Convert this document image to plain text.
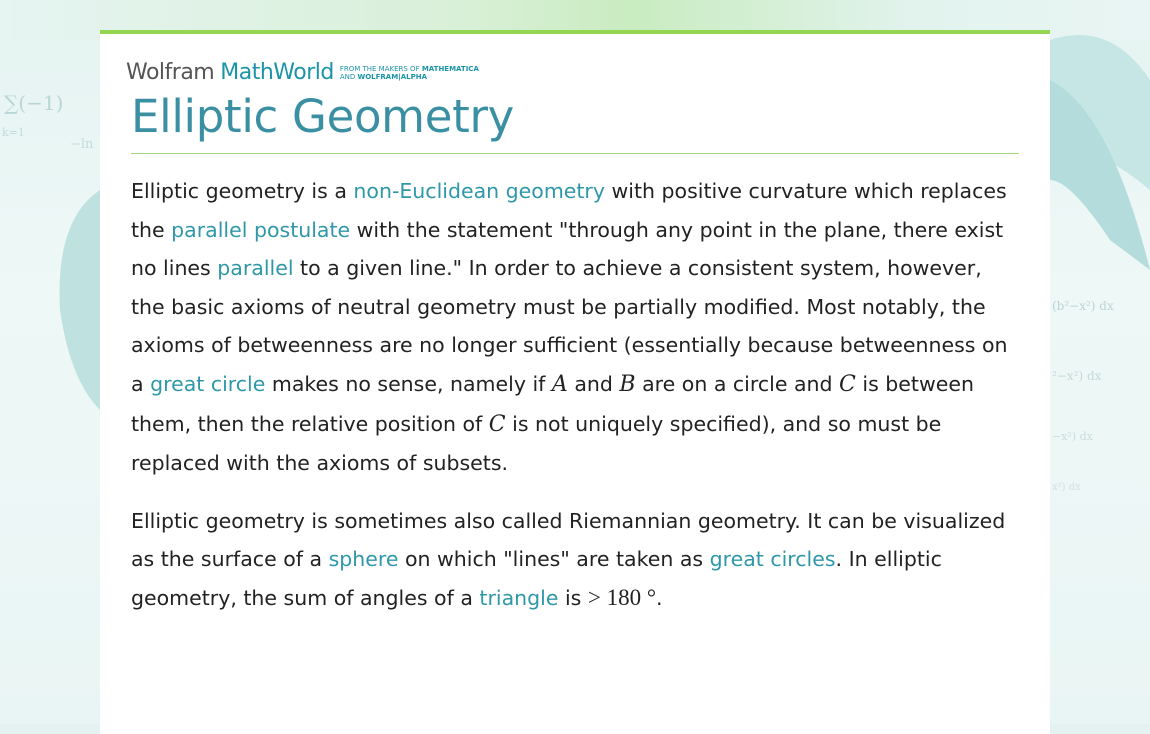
∑(−1)
k=1
−ln
(b²−x²) dx
²−x²) dx
−x²) dx
x²) dx
Wolfram MathWorld FROM THE MAKERS OF MATHEMATICA
AND WOLFRAM|ALPHA
Elliptic Geometry

Elliptic geometry is a non-Euclidean geometry with positive curvature which replaces the parallel postulate with the statement "through any point in the plane, there exist no lines parallel to a given line." In order to achieve a consistent system, however, the basic axioms of neutral geometry must be partially modified. Most notably, the axioms of betweenness are no longer sufficient (essentially because betweenness on a great circle makes no sense, namely if A and B are on a circle and C is between them, then the relative position of C is not uniquely specified), and so must be replaced with the axioms of subsets.

Elliptic geometry is sometimes also called Riemannian geometry. It can be visualized as the surface of a sphere on which "lines" are taken as great circles. In elliptic geometry, the sum of angles of a triangle is > 180 °.
